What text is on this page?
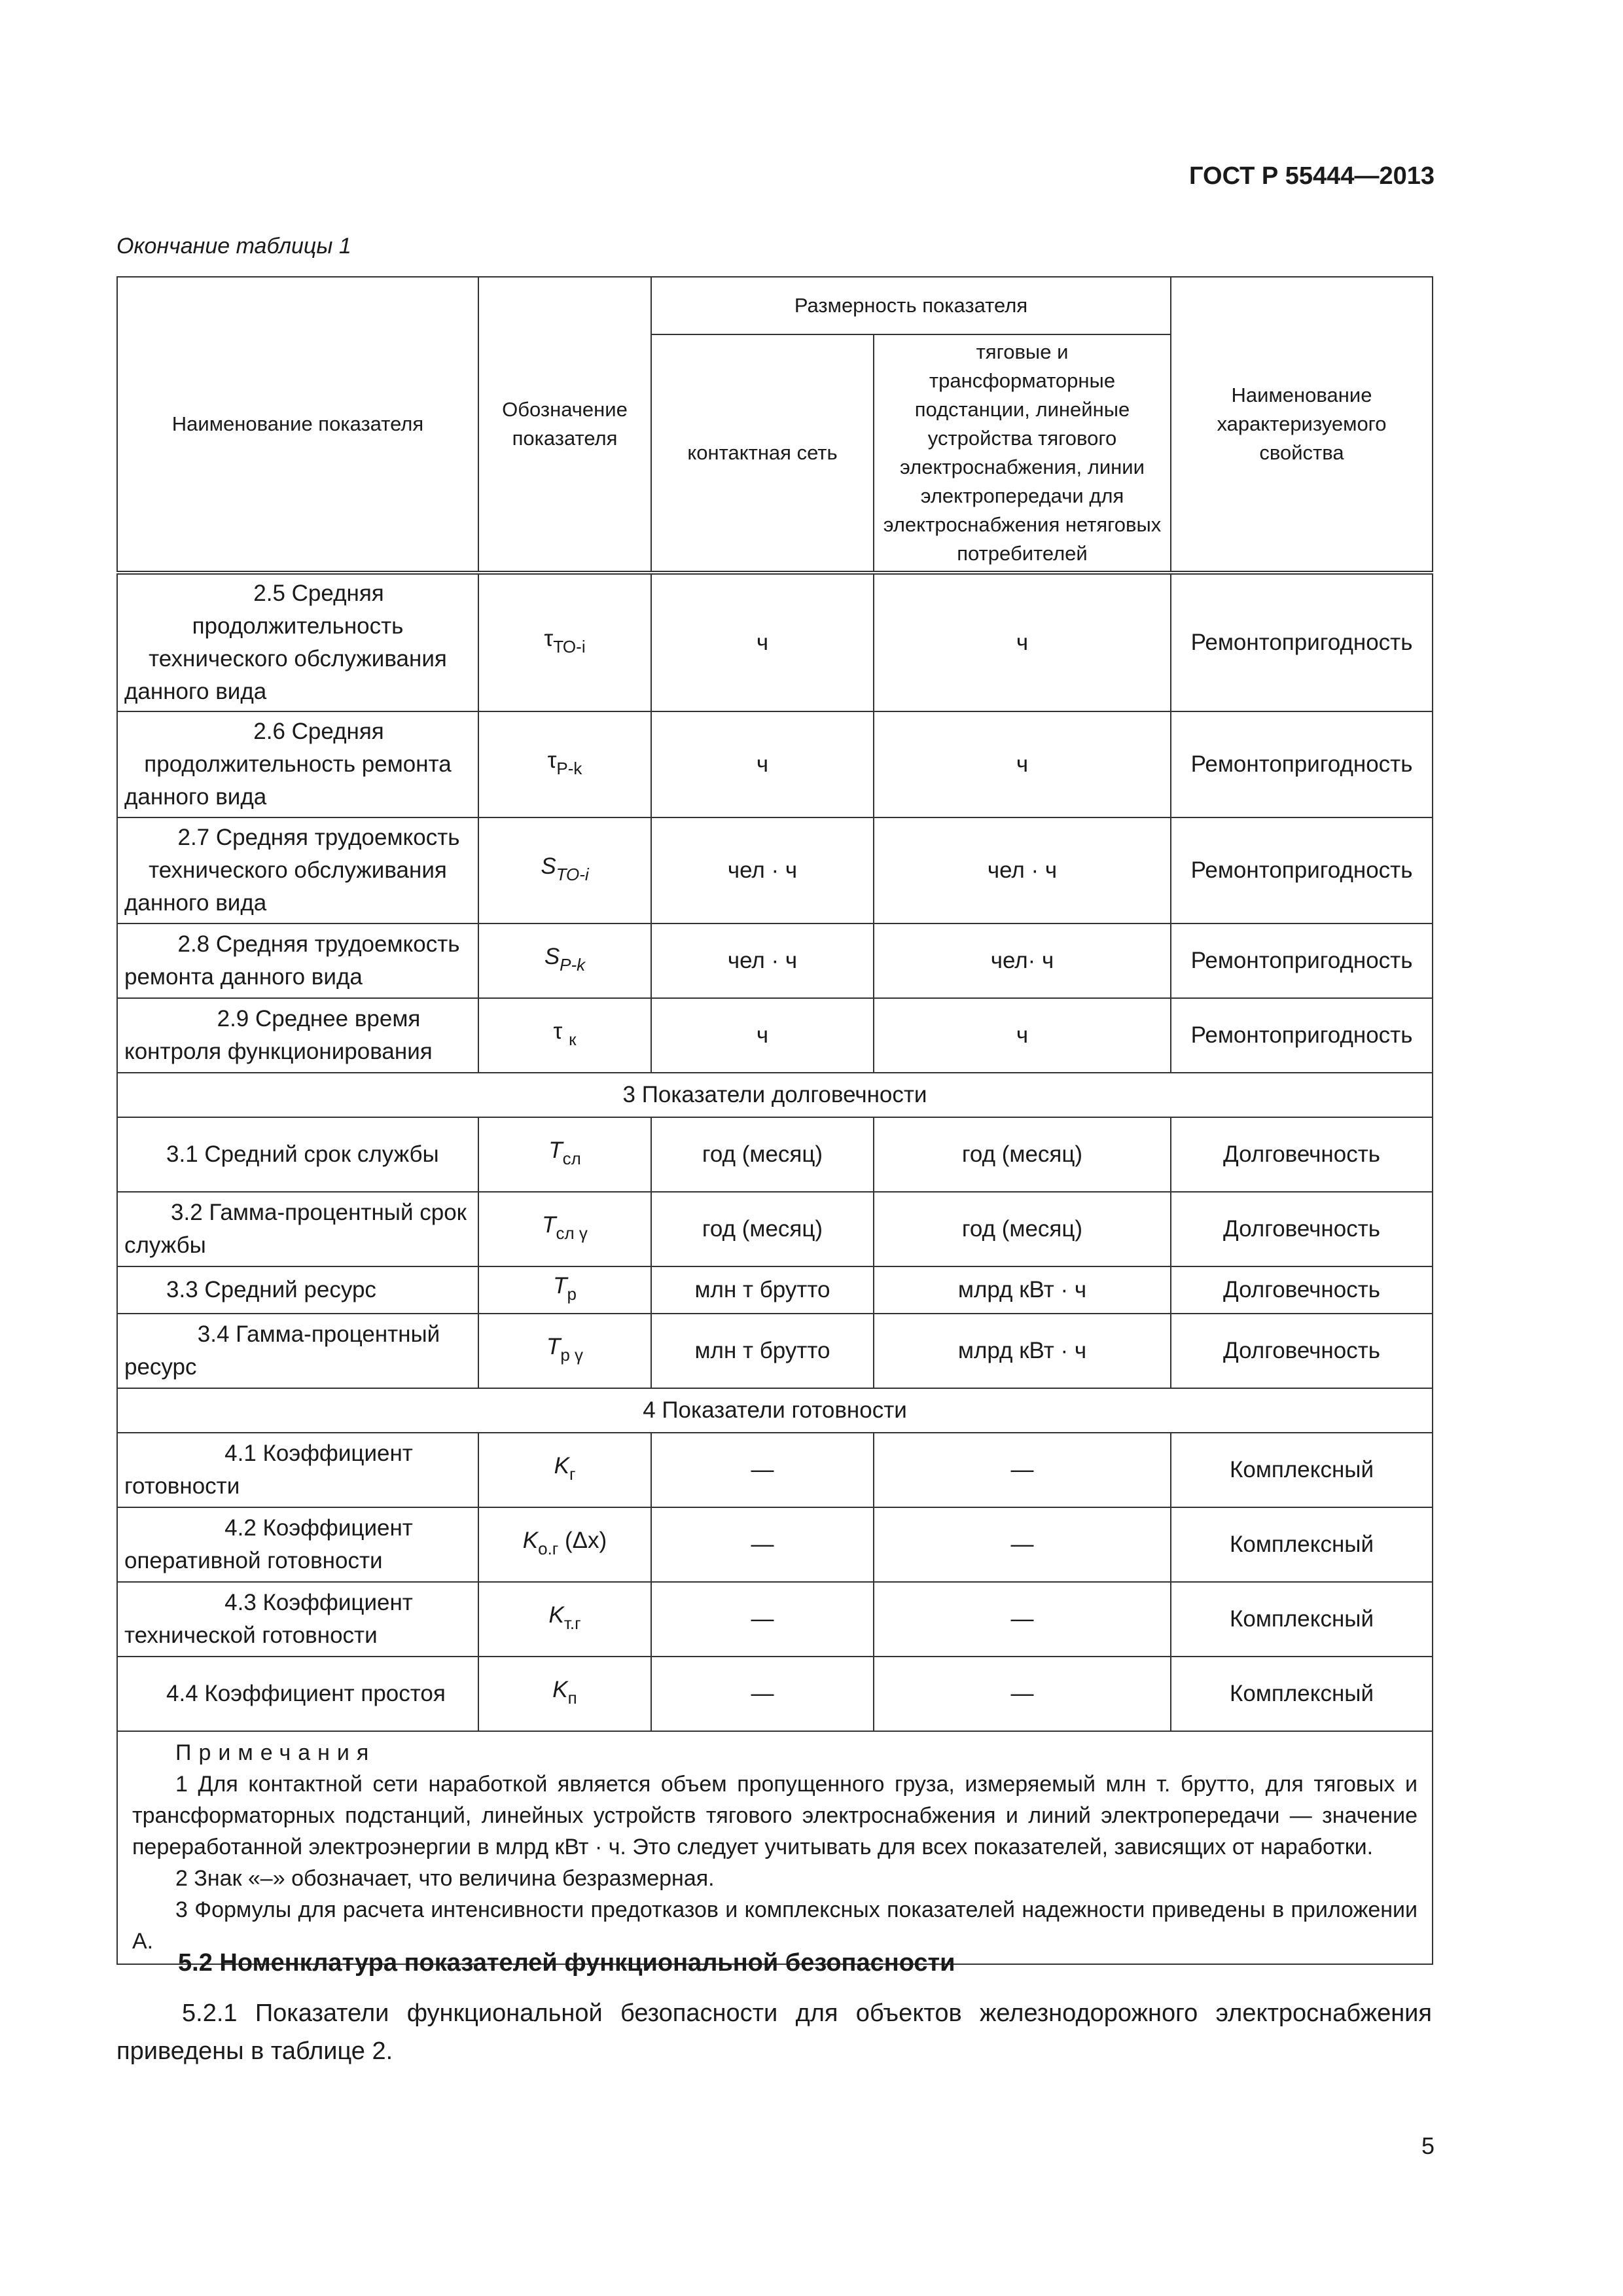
ГОСТ Р 55444—2013
Окончание таблицы 1
Наименование показателя	Обозначение показателя	Размерность показателя		Наименование характеризуемого свойства
		контактная сеть	тяговые и трансформаторные подстанции, линейные устройства тягового электроснабжения, линии электропередачи для электроснабжения нетяговых потребителей	
2.5 Средняя продолжительность технического обслуживания данного вида	$\tau_{ТО-i}$	ч	ч	Ремонтопригодность
2.6 Средняя продолжительность ремонта данного вида	$\tau_{Р-k}$	ч	ч	Ремонтопригодность
2.7 Средняя трудоемкость технического обслуживания данного вида	$S_{ТО-i}$	чел · ч	чел · ч	Ремонтопригодность
2.8 Средняя трудоемкость ремонта данного вида	$S_{Р-k}$	чел · ч	чел· ч	Ремонтопригодность
2.9 Среднее время контроля функционирования	τ $_к$	ч	ч	Ремонтопригодность
3 Показатели долговечности				
3.1 Средний срок службы	$T_{сл}$	год (месяц)	год (месяц)	Долговечность
3.2 Гамма-процентный срок службы	$T_{сл \gamma}$	год (месяц)	год (месяц)	Долговечность
3.3 Средний ресурс	$T_р$	млн т брутто	млрд кВт · ч	Долговечность
3.4 Гамма-процентный ресурс	$T_{р \gamma}$	млн т брутто	млрд кВт · ч	Долговечность
4 Показатели готовности				
4.1 Коэффициент готовности	$K_г$	—	—	Комплексный
4.2 Коэффициент оперативной готовности	$K_{о.г}$ (Δx)	—	—	Комплексный
4.3 Коэффициент технической готовности	$K_{т.г}$	—	—	Комплексный
4.4 Коэффициент простоя	$K_п$	—	—	Комплексный

Примечания
1 Для контактной сети наработкой является объем пропущенного груза, измеряемый млн т. брутто, для тяговых и трансформаторных подстанций, линейных устройств тягового электроснабжения и линий электропередачи — значение переработанной электроэнергии в млрд кВт · ч. Это следует учитывать для всех показателей, зависящих от наработки.
2 Знак «–» обозначает, что величина безразмерная.
3 Формулы для расчета интенсивности предотказов и комплексных показателей надежности приведены в приложении А.				
5.2 Номенклатура показателей функциональной безопасности
5.2.1 Показатели функциональной безопасности для объектов железнодорожного электроснабжения приведены в таблице 2.
5
